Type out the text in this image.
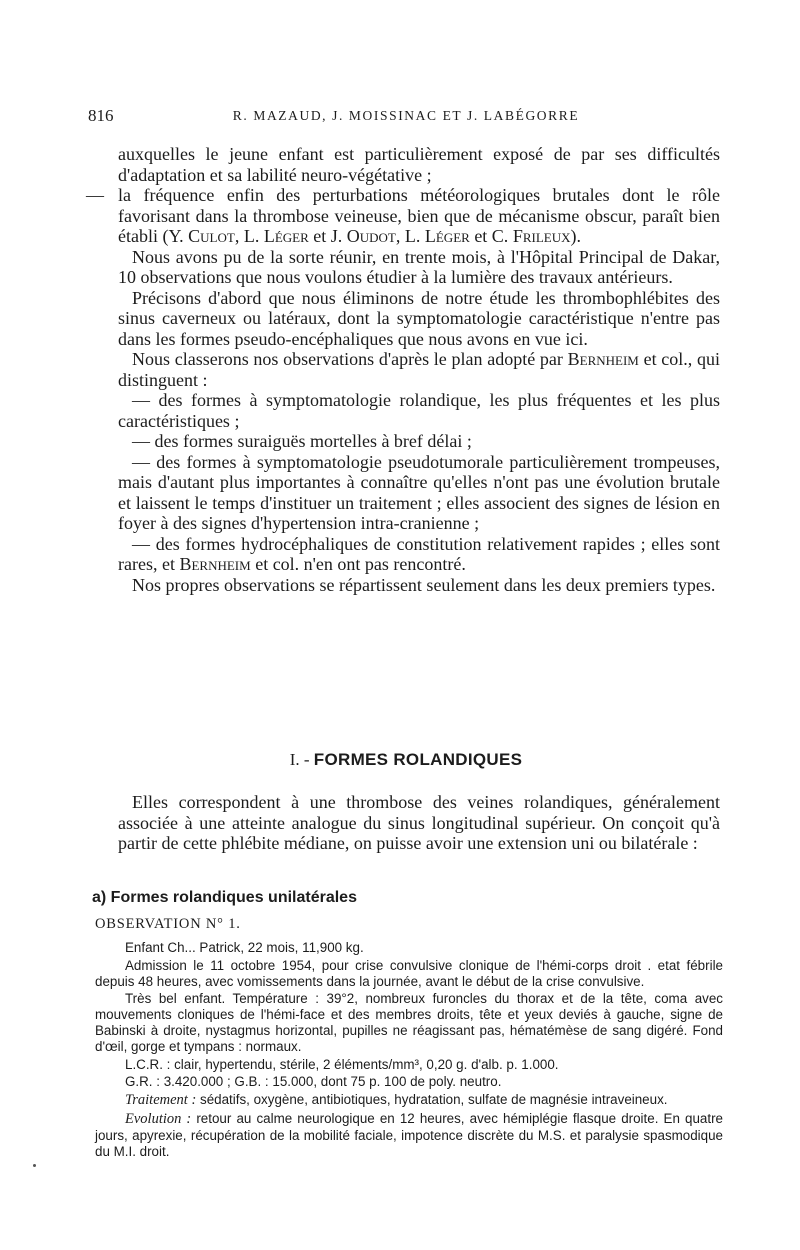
816	R. MAZAUD, J. MOISSINAC ET J. LABÉGORRE

auxquelles le jeune enfant est particulièrement exposé de par ses difficultés d'adaptation et sa labilité neuro-végétative ;

— la fréquence enfin des perturbations météorologiques brutales dont le rôle favorisant dans la thrombose veineuse, bien que de mécanisme obscur, paraît bien établi (Y. Culot, L. Léger et J. Oudot, L. Léger et C. Frileux).

Nous avons pu de la sorte réunir, en trente mois, à l'Hôpital Principal de Dakar, 10 observations que nous voulons étudier à la lumière des travaux antérieurs.

Précisons d'abord que nous éliminons de notre étude les thrombophlébites des sinus caverneux ou latéraux, dont la symptomatologie caractéristique n'entre pas dans les formes pseudo-encéphaliques que nous avons en vue ici.

Nous classerons nos observations d'après le plan adopté par Bernheim et col., qui distinguent :

— des formes à symptomatologie rolandique, les plus fréquentes et les plus caractéristiques ;

— des formes suraiguës mortelles à bref délai ;

— des formes à symptomatologie pseudotumorale particulièrement trompeuses, mais d'autant plus importantes à connaître qu'elles n'ont pas une évolution brutale et laissent le temps d'instituer un traitement ; elles associent des signes de lésion en foyer à des signes d'hypertension intra-cranienne ;

— des formes hydrocéphaliques de constitution relativement rapides ; elles sont rares, et Bernheim et col. n'en ont pas rencontré.

Nos propres observations se répartissent seulement dans les deux premiers types.

I. - FORMES ROLANDIQUES

Elles correspondent à une thrombose des veines rolandiques, généralement associée à une atteinte analogue du sinus longitudinal supérieur. On conçoit qu'à partir de cette phlébite médiane, on puisse avoir une extension uni ou bilatérale :

a) Formes rolandiques unilatérales
OBSERVATION N° 1.

Enfant Ch... Patrick, 22 mois, 11,900 kg.

Admission le 11 octobre 1954, pour crise convulsive clonique de l'hémi-corps droit . etat fébrile depuis 48 heures, avec vomissements dans la journée, avant le début de la crise convulsive.

Très bel enfant. Température : 39°2, nombreux furoncles du thorax et de la tête, coma avec mouvements cloniques de l'hémi-face et des membres droits, tête et yeux deviés à gauche, signe de Babinski à droite, nystagmus horizontal, pupilles ne réagissant pas, hématémèse de sang digéré. Fond d'œil, gorge et tympans : normaux.

L.C.R. : clair, hypertendu, stérile, 2 éléments/mm³, 0,20 g. d'alb. p. 1.000.

G.R. : 3.420.000 ; G.B. : 15.000, dont 75 p. 100 de poly. neutro.

Traitement : sédatifs, oxygène, antibiotiques, hydratation, sulfate de magnésie intraveineux.

Evolution : retour au calme neurologique en 12 heures, avec hémiplégie flasque droite. En quatre jours, apyrexie, récupération de la mobilité faciale, impotence discrète du M.S. et paralysie spasmodique du M.I. droit.
